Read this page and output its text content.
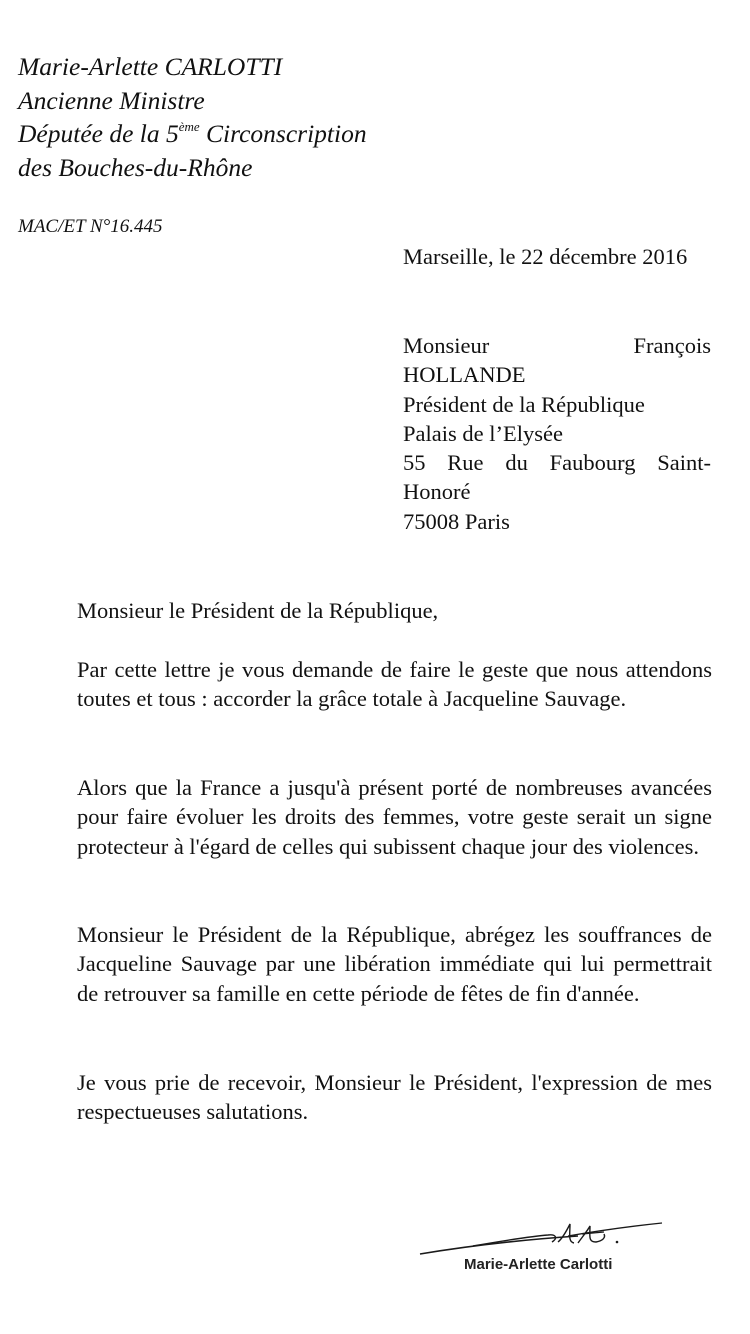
Marie-Arlette CARLOTTI
Ancienne Ministre
Députée de la 5ème Circonscription
des Bouches-du-Rhône
MAC/ET N°16.445
Marseille, le 22 décembre 2016
Monsieur François
HOLLANDE
Président de la République
Palais de l’Elysée
55 Rue du Faubourg Saint-
Honoré
75008 Paris
Monsieur le Président de la République,
Par cette lettre je vous demande de faire le geste que nous attendons toutes et tous : accorder la grâce totale à Jacqueline Sauvage.
Alors que la France a jusqu'à présent porté de nombreuses avancées pour faire évoluer les droits des femmes, votre geste serait un signe protecteur à l'égard de celles qui subissent chaque jour des violences.
Monsieur le Président de la République, abrégez les souffrances de Jacqueline Sauvage par une libération immédiate qui lui permettrait de retrouver sa famille en cette période de fêtes de fin d'année.
Je vous prie de recevoir, Monsieur le Président, l'expression de mes respectueuses salutations.
Marie-Arlette Carlotti
